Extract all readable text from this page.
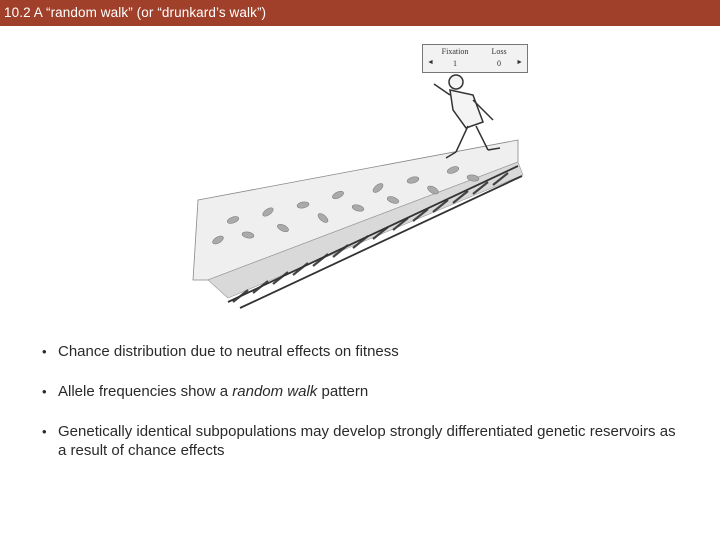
10.2 A “random walk” (or “drunkard’s walk”)
Fixation	Loss
◄	1	0	►
• Chance distribution due to neutral effects on fitness
• Allele frequencies show a random walk pattern
• Genetically identical subpopulations may develop strongly differentiated genetic reservoirs as a result of chance effects
